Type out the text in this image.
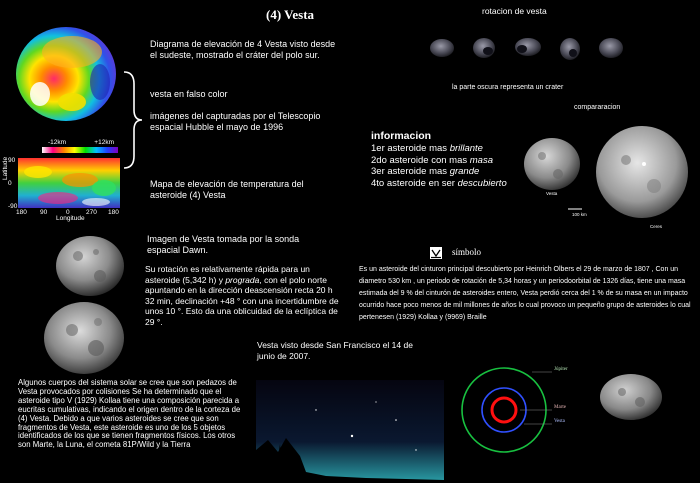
(4) Vesta
-12km	+12km
Latitude 90
0
-90
180 90	0	270 180
Longitude
Diagrama de elevación de 4 Vesta visto desde el sudeste, mostrado el cráter del polo sur.
vesta en falso color
imágenes del capturadas por el Telescopio espacial Hubble el mayo de 1996
Mapa de elevación de temperatura del asteroide (4) Vesta
rotacion de vesta
la parte oscura representa un crater
compararacion
Vesta
100 km
Ceres
informacion
1er asteroide mas brillante
2do asteroide con mas masa
3er asteroide mas grande
4to asteroide en ser descubierto
Imagen de Vesta tomada por la sonda espacial Dawn.
Su rotación es relativamente rápida para un asteroide (5,342 h) y prograda, con el polo norte apuntando en la dirección deascensión recta 20 h 32 min, declinación +48 ° con una incertidumbre de unos 10 °. Esto da una oblicuidad de la eclíptica de 29 °.
símbolo
Es un asteroide del cinturon principal descubierto por Heinrich Olbers el 29 de marzo de 1807 , Con un diametro 530 km , un periodo de rotación de 5,34 horas y un periodoorbital de 1326 días, tiene una masa estimada del 9 % del cinturón de asteroides entero, Vesta perdió cerca del 1 % de su masa en un impacto ocurrido hace poco menos de mil millones de años lo cual provoco un pequeño grupo de asteroides lo cual pertenesen (1929) Kollaa y (9969) Braille
Vesta visto desde San Francisco el 14 de junio de 2007.
Algunos cuerpos del sistema solar se cree que son pedazos de Vesta provocados por colisiones Se ha determinado que el asteroide tipo V (1929) Kollaa tiene una composición parecida a eucritas cumulativas, indicando el origen dentro de la corteza de (4) Vesta. Debido a que varios asteroides se cree que son fragmentos de Vesta, este asteroide es uno de los 5 objetos identificados de los que se tienen fragmentos físicos. Los otros son Marte, la Luna, el cometa 81P/Wild y la Tierra
Júpiter
Marte
Vesta
